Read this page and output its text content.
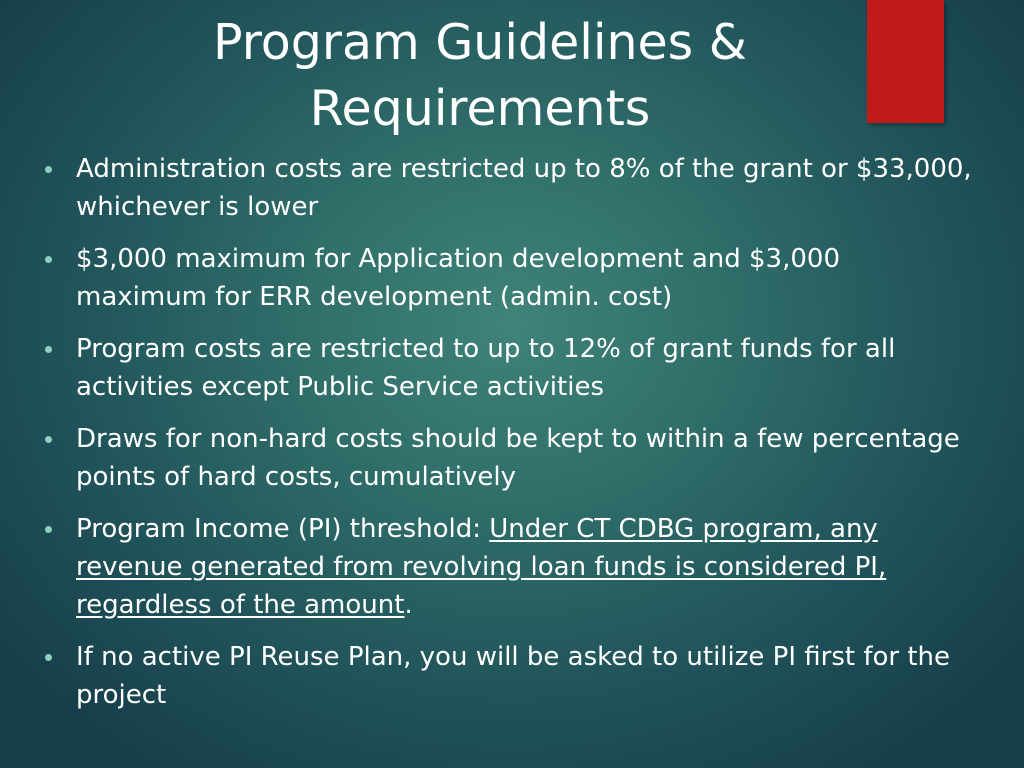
Program Guidelines &
Requirements
Administration costs are restricted up to 8% of the grant or $33,000, whichever is lower
$3,000 maximum for Application development and $3,000 maximum for ERR development (admin. cost)
Program costs are restricted to up to 12% of grant funds for all activities except Public Service activities
Draws for non-hard costs should be kept to within a few percentage points of hard costs, cumulatively
Program Income (PI) threshold: Under CT CDBG program, any revenue generated from revolving loan funds is considered PI, regardless of the amount.
If no active PI Reuse Plan, you will be asked to utilize PI first for the project
